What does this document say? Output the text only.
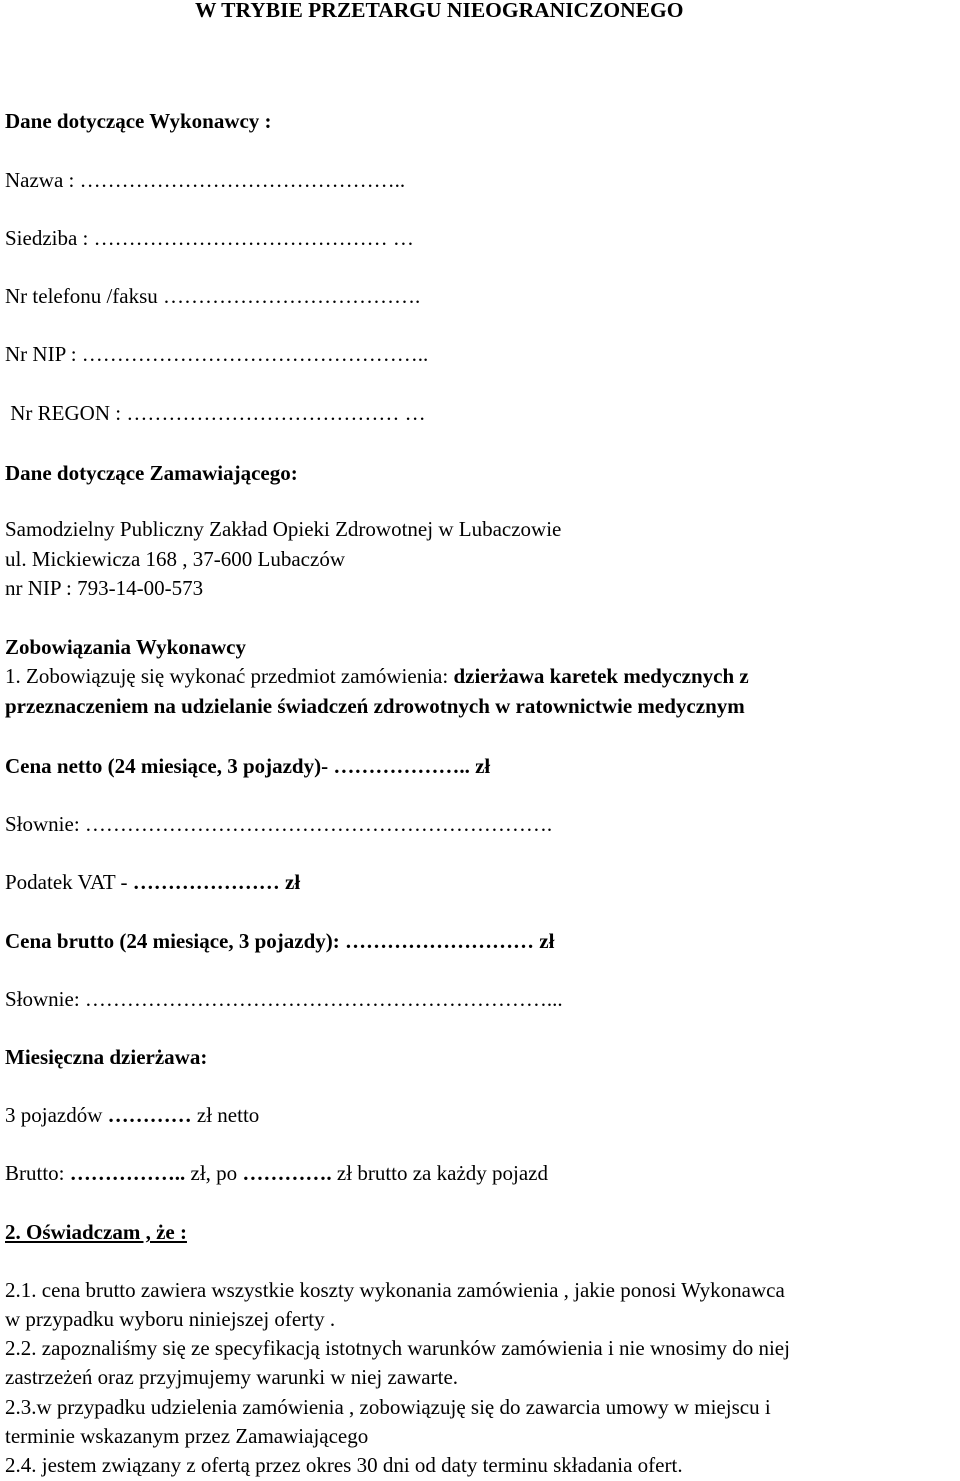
W TRYBIE PRZETARGU NIEOGRANICZONEGO
Dane dotyczące Wykonawcy :
Nazwa : ………………………………………..
Siedziba : …………………………………… …
Nr telefonu /faksu ……………………………….
Nr NIP : …………………………………………..
Nr REGON : ………………………………… …
Dane dotyczące Zamawiającego:
Samodzielny Publiczny Zakład Opieki Zdrowotnej w Lubaczowie
ul. Mickiewicza 168 , 37-600 Lubaczów
nr NIP : 793-14-00-573
Zobowiązania Wykonawcy
1. Zobowiązuję się wykonać przedmiot zamówienia: dzierżawa karetek medycznych z
przeznaczeniem na udzielanie świadczeń zdrowotnych w ratownictwie medycznym
Cena netto (24 miesiące, 3 pojazdy)- ……………….. zł
Słownie: ………………………………………………………….
Podatek VAT - ………………… zł
Cena brutto (24 miesiące, 3 pojazdy): ……………………… zł
Słownie: …………………………………………………………...
Miesięczna dzierżawa:
3 pojazdów ………… zł netto
Brutto: …………….. zł, po …………. zł brutto za każdy pojazd
2. Oświadczam , że :
2.1. cena brutto zawiera wszystkie koszty wykonania zamówienia , jakie ponosi Wykonawca
w przypadku wyboru niniejszej oferty .
2.2. zapoznaliśmy się ze specyfikacją istotnych warunków zamówienia i nie wnosimy do niej
zastrzeżeń oraz przyjmujemy warunki w niej zawarte.
2.3.w przypadku udzielenia zamówienia , zobowiązuję się do zawarcia umowy w miejscu i
terminie wskazanym przez Zamawiającego
2.4. jestem związany z ofertą przez okres 30 dni od daty terminu składania ofert.
